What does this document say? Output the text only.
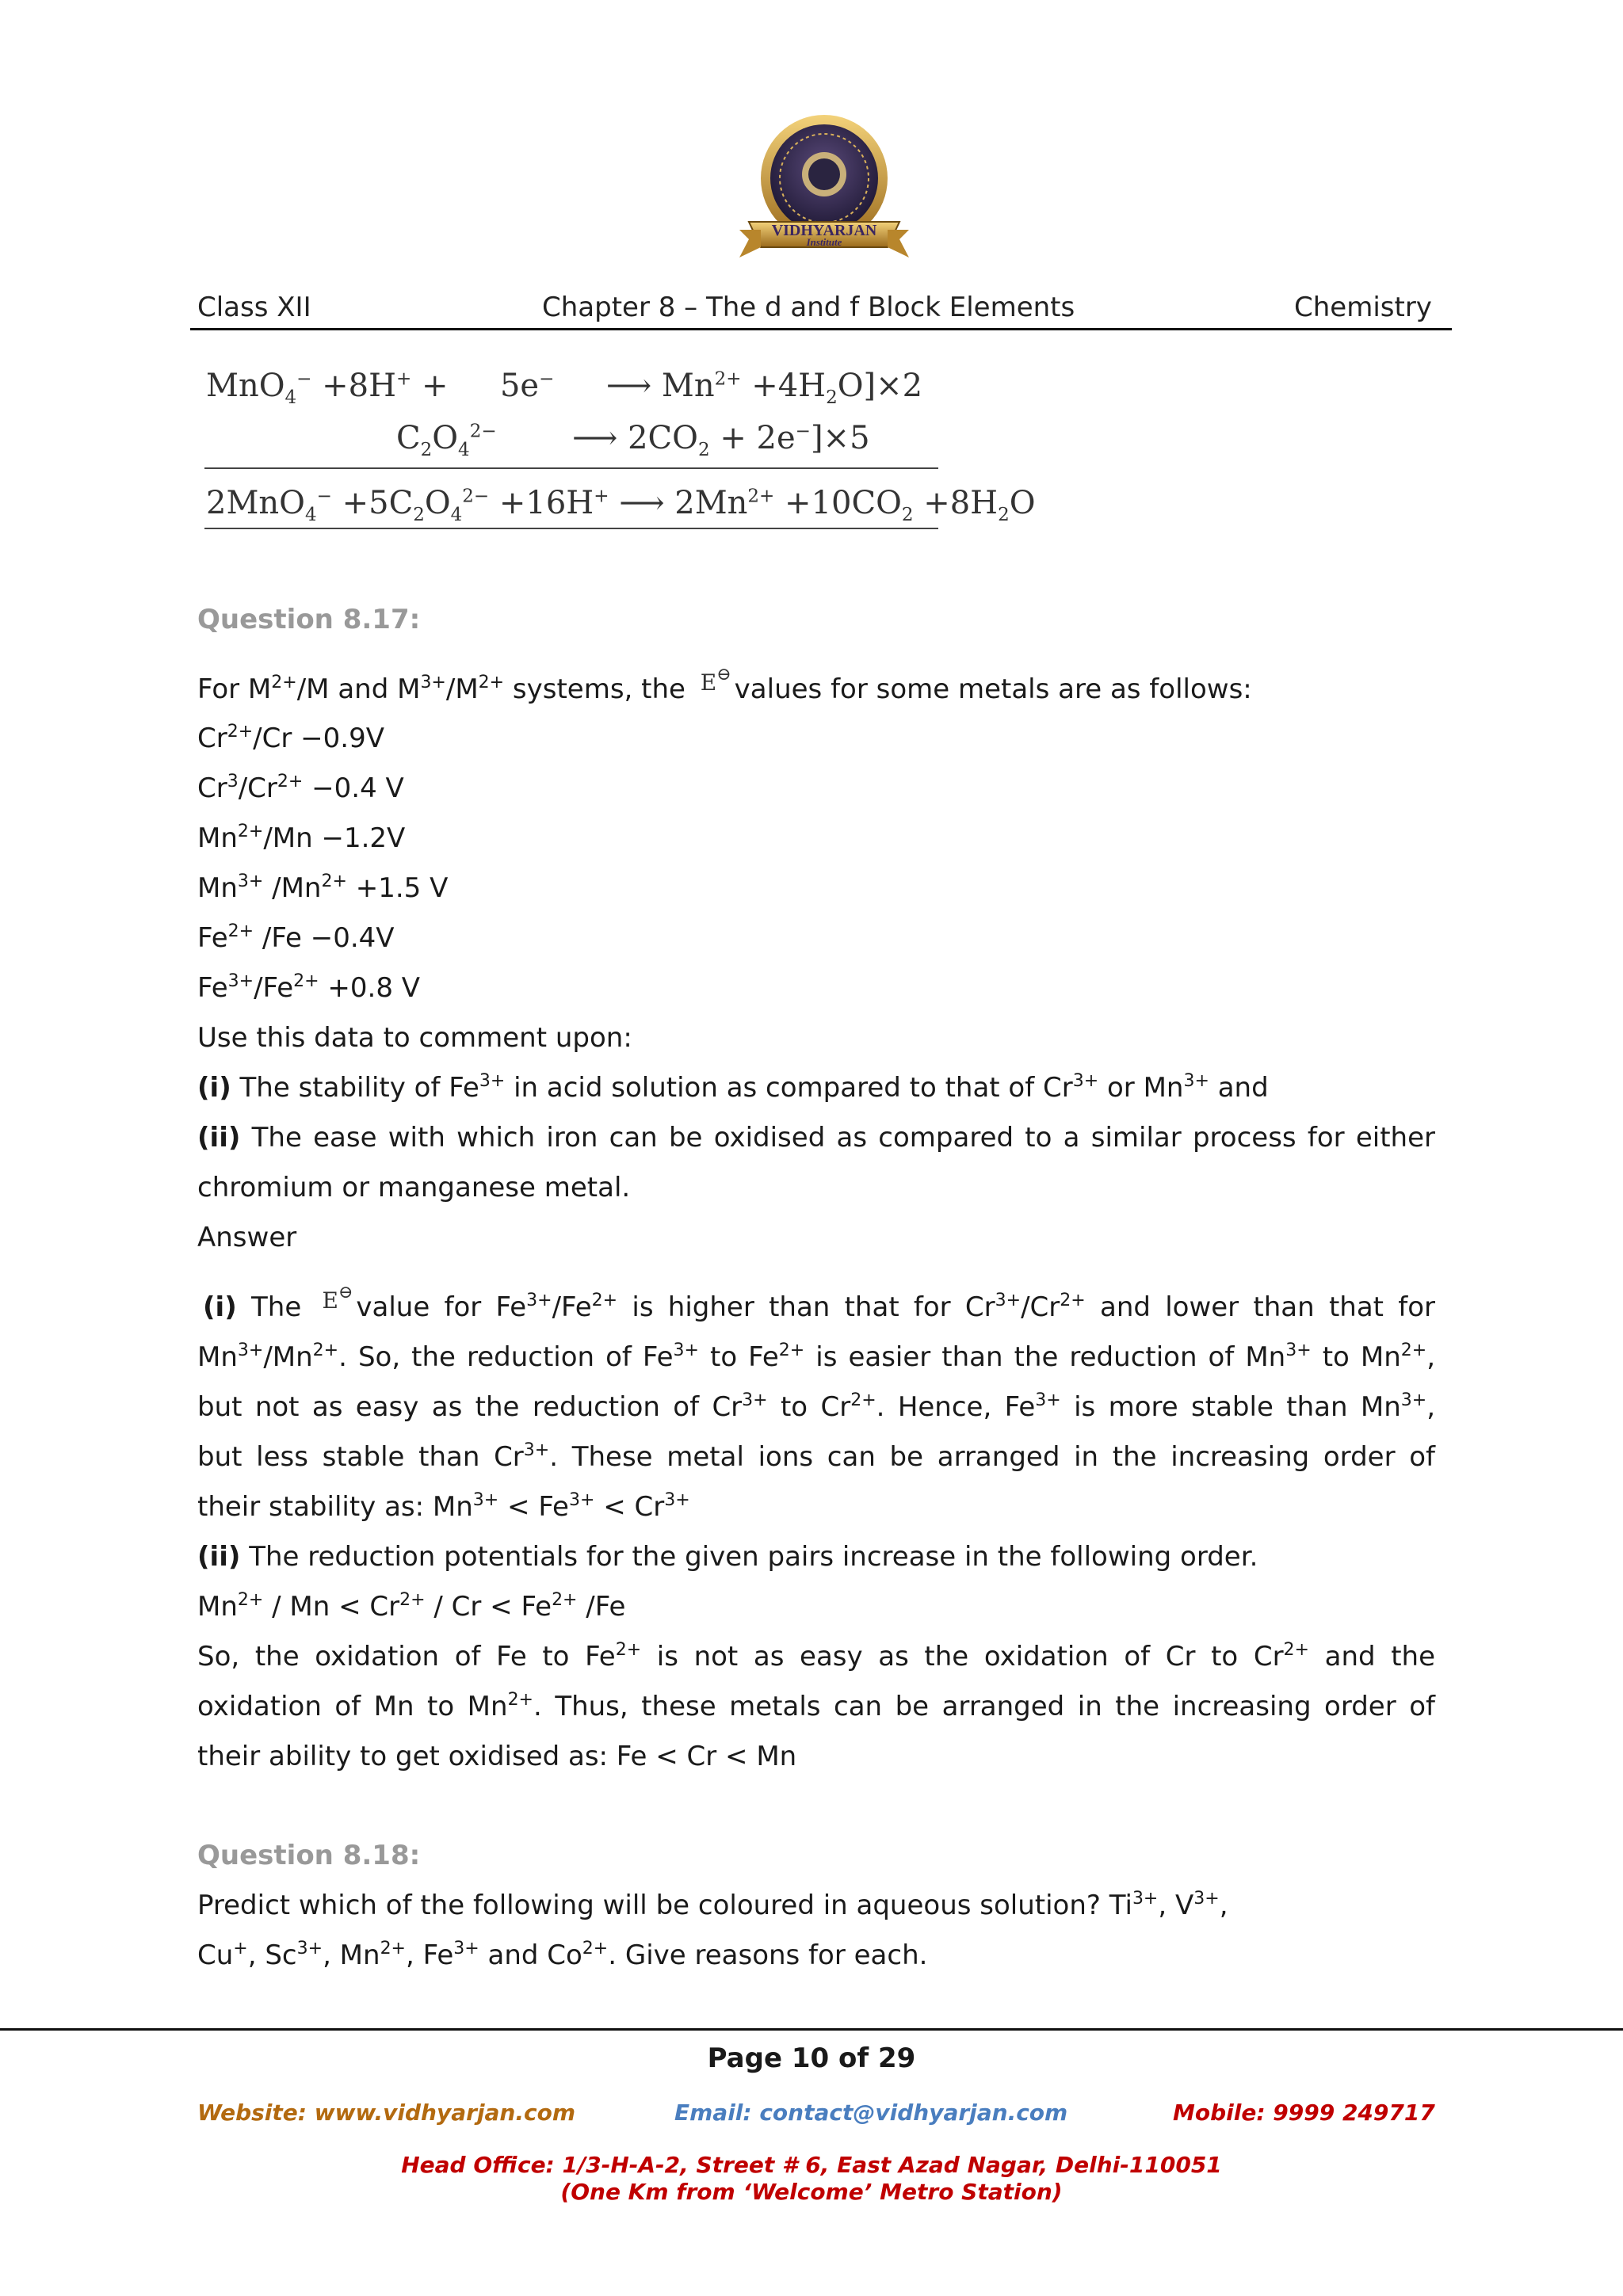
VIDHYARJAN
Institute
Class XII	Chapter 8 – The d and f Block Elements	Chemistry
MnO$_4$− +8H+ + 5e− ⟶ $Mn^{2+} +4H_2O]\times 2$
$C_2O_4^{2-}$ ⟶ $2CO_2 + 2e^-]\times 5$
$2MnO_4^- +5C_2O_4^{2-} +16H^+$ ⟶ $2Mn^{2+} +10CO_2 +8H_2O$
Question 8.17:
For $M^{2+}/M$ and $M^{3+}/M^{2+}$ systems, the E⊖ values for some metals are as follows:
$Cr^{2+}/Cr -0.9V$
$Cr^3/Cr^{2+} -0.4$ V
$Mn^{2+}/Mn -1.2V$
$Mn^{3+}$ $/Mn^{2+} +1.5$ V
$Fe^{2+}$ /Fe −0.4V
$Fe^{3+}/Fe^{2+} +0.8$ V
Use this data to comment upon:
(i) The stability of $Fe^{3+}$ in acid solution as compared to that of $Cr^{3+}$ or $Mn^{3+}$ and
(ii) The ease with which iron can be oxidised as compared to a similar process for either
chromium or manganese metal.
Answer
(i) The E⊖ value for $Fe^{3+}/Fe^{2+}$ is higher than that for $Cr^{3+}/Cr^{2+}$ and lower than that for
$Mn^{3+}/Mn^{2+}$. So, the reduction of $Fe^{3+}$ to $Fe^{2+}$ is easier than the reduction of $Mn^{3+}$ to $Mn^{2+}$,
but not as easy as the reduction of $Cr^{3+}$ to $Cr^{2+}$. Hence, $Fe^{3+}$ is more stable than $Mn^{3+}$,
but less stable than $Cr^{3+}$. These metal ions can be arranged in the increasing order of
their stability as: $Mn^{3+} < Fe^{3+} < Cr^{3+}$
(ii) The reduction potentials for the given pairs increase in the following order.
$Mn^{2+} / Mn < Cr^{2+} / Cr < Fe^{2+}$ /Fe
So, the oxidation of Fe to $Fe^{2+}$ is not as easy as the oxidation of Cr to $Cr^{2+}$ and the
oxidation of Mn to $Mn^{2+}$. Thus, these metals can be arranged in the increasing order of
their ability to get oxidised as: Fe < Cr < Mn
Question 8.18:
Predict which of the following will be coloured in aqueous solution? $Ti^{3+}$, $V^{3+}$,
Cu+, $Sc^{3+}$, $Mn^{2+}$, $Fe^{3+}$ and $Co^{2+}$. Give reasons for each.
Page 10 of 29
Website: www.vidhyarjan.com	Email: contact@vidhyarjan.com	Mobile: 9999 249717
Head Office: 1/3-H-A-2, Street # 6, East Azad Nagar, Delhi-110051
(One Km from ‘Welcome’ Metro Station)
